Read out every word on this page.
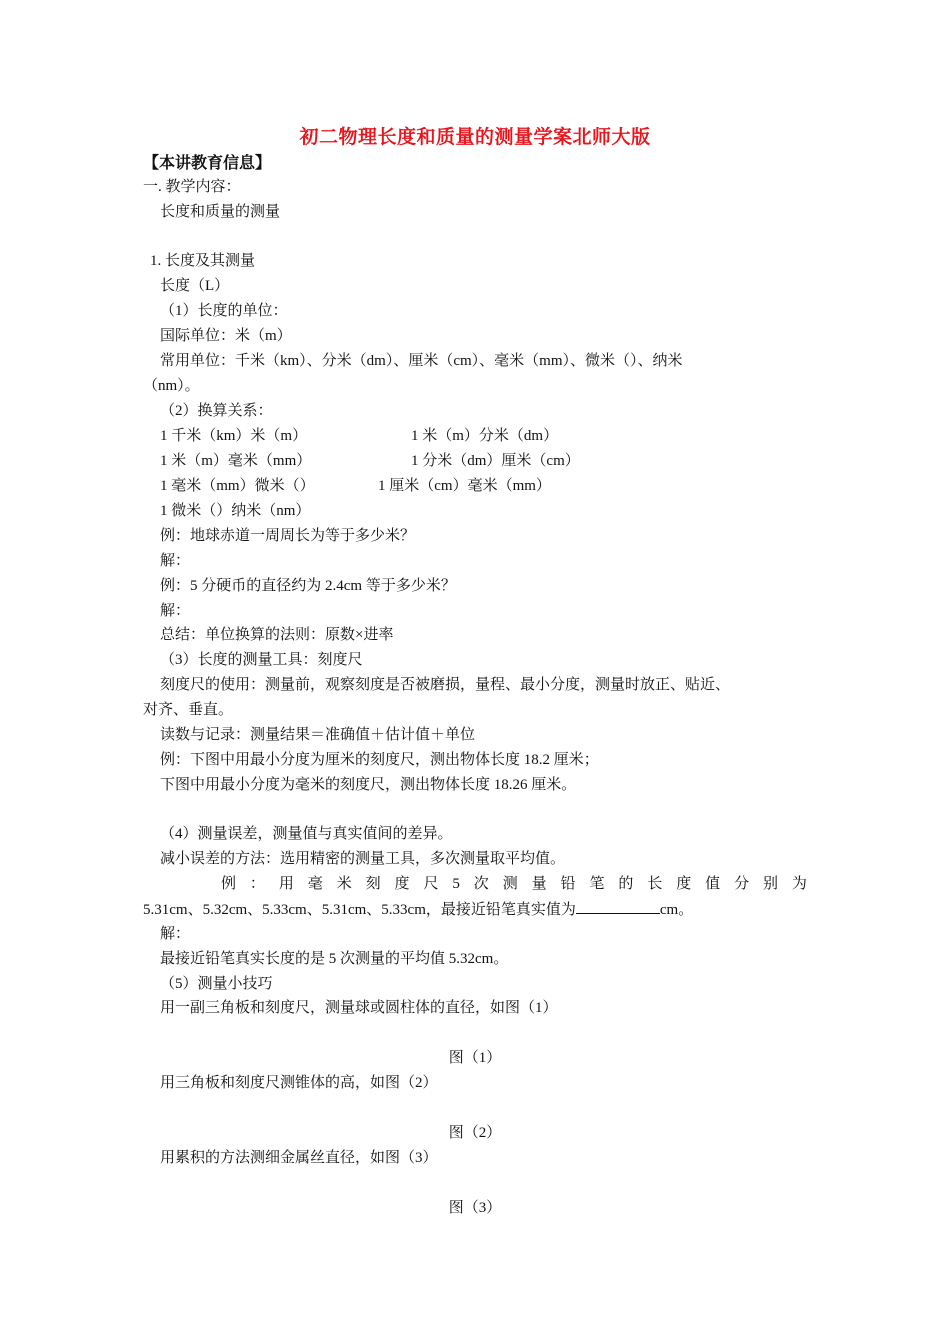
初二物理长度和质量的测量学案北师大版
【本讲教育信息】
一. 教学内容：
长度和质量的测量
1. 长度及其测量
长度（L）
（1）长度的单位：
国际单位：米（m）
常用单位：千米（km）、分米（dm）、厘米（cm）、毫米（mm）、微米（）、纳米
（nm）。
（2）换算关系：
1 千米（km）米（m）	1 米（m）分米（dm）
1 米（m）毫米（mm）	1 分米（dm）厘米（cm）
1 毫米（mm）微米（）	1 厘米（cm）毫米（mm）
1 微米（）纳米（nm）
例：地球赤道一周周长为等于多少米？
解：
例：5 分硬币的直径约为 2.4cm 等于多少米？
解：
总结：单位换算的法则：原数×进率
（3）长度的测量工具：刻度尺
刻度尺的使用：测量前，观察刻度是否被磨损，量程、最小分度，测量时放正、贴近、
对齐、垂直。
读数与记录：测量结果＝准确值＋估计值＋单位
例：下图中用最小分度为厘米的刻度尺，测出物体长度 18.2 厘米；
下图中用最小分度为毫米的刻度尺，测出物体长度 18.26 厘米。
（4）测量误差，测量值与真实值间的差异。
减小误差的方法：选用精密的测量工具，多次测量取平均值。
例 ： 用 毫 米 刻 度 尺 5 次 测 量 铅 笔 的 长 度 值 分 别 为
5.31cm、5.32cm、5.33cm、5.31cm、5.33cm，最接近铅笔真实值为	cm。
解：
最接近铅笔真实长度的是 5 次测量的平均值 5.32cm。
（5）测量小技巧
用一副三角板和刻度尺，测量球或圆柱体的直径，如图（1）
图（1）
用三角板和刻度尺测锥体的高，如图（2）
图（2）
用累积的方法测细金属丝直径，如图（3）
图（3）
